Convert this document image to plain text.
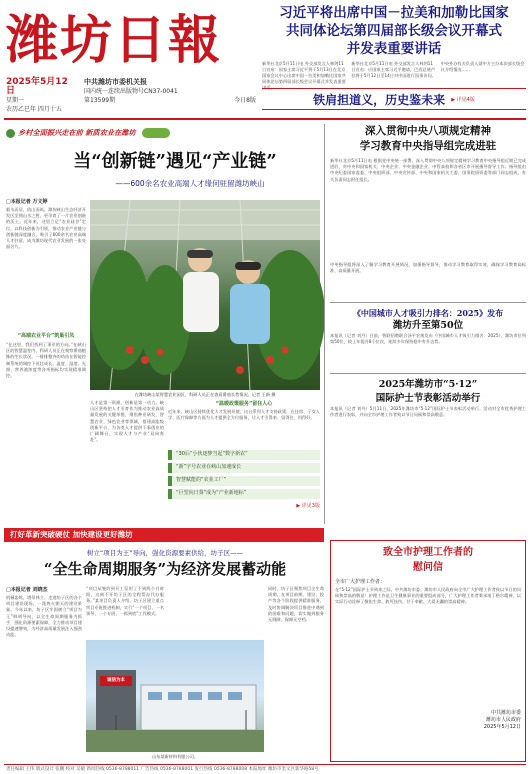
潍坊日報
2025年5月12日
星期一
农历乙巳年 四月十五
中共潍坊市委机关报
国内统一连续出版物号CN37-0041
第13599期	今日8版
习近平将出席中国－拉美和加勒比国家
共同体论坛第四届部长级会议开幕式
并发表重要讲话
新华社北京5月11日电 外交部发言人林剑11日宣布：国家主席习近平将于5月13日在北京国家会议中心出席中国－拉美和加勒比国家共同体论坛第四届部长级会议开幕式并发表重要讲话。
新华社北京5月11日电 外交部发言人林剑11日宣布：应国家主席习近平邀请，巴西总统卢拉将于5月12日至14日对中国进行国事访问。
中央外办有关负责人就中方主办本次部长级会议介绍情况……
铁肩担道义，历史鉴未来 ▶ 详见4版
乡村全面振兴走在前 新质农业在潍坊
当“创新链”遇见“产业链”
——600余名农业高端人才缘何驻留潍坊峡山
□本报记者 万文婷
临水而居，依山而筑。潍坊峡山生态经济开发区坐拥山水之胜，更孕育了一片农业创新的沃土。近年来，这里立足“农业硅谷”定位，以科技创新为引领，推动农业产业链与创新链深度融合，吸引了600余名农业高端人才驻留，成为潍坊现代农业发展的一张亮丽名片。
“高端农业平台”筑巢引凤
“在这里，我们找到了事业的方向。”在峡山区的智慧温室内，科研人员正在观察番茄植株的生长状况。一排排整齐的幼苗在智能控制系统的调控下茁壮成长，温度、湿度、光照、营养液浓度等各项指标均实现精准调控。
在潍坊峡山某智慧农业园区，科研人员正在查看番茄长势情况。记者 王新 摄
人才是第一资源，创新是第一动力。峡山区坚持把人才引育作为推动农业高质量发展的关键举措，聚焦种业研发、智慧农业、绿色农业等领域，搭建高能级创新平台，为各类人才提供干事创业的广阔舞台，实现人才与产业“双向奔赴”。
“温暖政策服务”留住人心
近年来，峡山区持续优化人才发展环境，出台系列人才支持政策，在住房、子女入学、医疗保障等方面为人才提供全方位服务，让人才引得来、留得住、用得好。
“30后”小伙逐梦当起“数字新农”
“新”字号农业在峡山加速成长
智慧赋能的“农业工厂”
“巨型向日葵”成为“产业新地标”
▶ 详见3版
深入贯彻中央八项规定精神
学习教育中央指导组完成进驻
新华社北京5月11日电 根据党中央统一部署，深入贯彻中央八项规定精神学习教育中央指导组近期已完成进驻，对中央和国家机关、中央企业、中央金融企业、中管高校和各省区市开展指导督导工作。指导组由中央纪委国家监委、中央组织部、中央宣传部、中央和国家机关工委、国务院国资委等部门同志组成，有关负责同志担任组长。
中央指导组将深入了解学习教育开展情况，加强指导督导，推动学习教育取得实效，确保学习教育高标准、高质量开展。
《中国城市人才吸引力排名：2025》发布
潍坊升至第50位
本报讯（记者 刘丹）日前，智联招聘联合泽平宏观发布《中国城市人才吸引力排名：2025》，潍坊市位列第50位，较上年提升8个位次，连续多年保持稳中有升态势。
2025年潍坊市“5·12”
国际护士节表彰活动举行
本报讯（记者 刘丹）5月11日，2025年潍坊市“5·12”国际护士节表彰活动举行。活动对全市优秀护理工作者进行表彰，并向全市护理工作者致以节日问候和崇高敬意。
打好革新突破硬仗 加快建设更好潍坊
树立“项目为王”导向，强化资源要素供给，坊子区——
“全生命周期服务”为经济发展蓄动能
□本报记者 刘晓杰
机械轰鸣，塔吊林立。走进坊子区的各个项目建设现场，一派热火朝天的建设景象。今年以来，坊子区牢固树立“项目为王”鲜明导向，以全生命周期服务为抓手，强化资源要素保障，全力推动项目建设提速增效，为经济高质量发展注入强劲动能。
“项目从签约到开工仅用了不到两个月时间，这离不开坊子区的全程帮办代办服务。”某项目负责人介绍。坊子区建立重点项目专班推进机制，实行“一个项目、一名领导、一个专班、一抓到底”工作模式。
诚信为本
山东某新材料有限公司。
同时，坊子区聚焦项目全生命周期，在项目前期、建设、投产等各个阶段提供精准服务，及时协调解决项目推进中遇到的困难和问题，切实做到服务无缝隙、保障无空档。
致全市护理工作者的
慰问信
全市广大护理工作者：
在“5·12”国际护士节到来之际，中共潍坊市委、潍坊市人民政府向全市广大护理工作者致以节日的问候和崇高的敬意！护理工作是卫生健康事业的重要组成部分，广大护理工作者秉承南丁格尔精神，以实际行动诠释了敬佑生命、救死扶伤、甘于奉献、大爱无疆的崇高精神。
中共潍坊市委
潍坊市人民政府
2025年5月12日
责任编辑 王伟 版式设计 张鹏 校对 吴敏 新闻热线 0536-8788011 广告热线 0536-8788001 发行热线 0536-8788008 本报地址 潍坊市奎文区新华路58号
